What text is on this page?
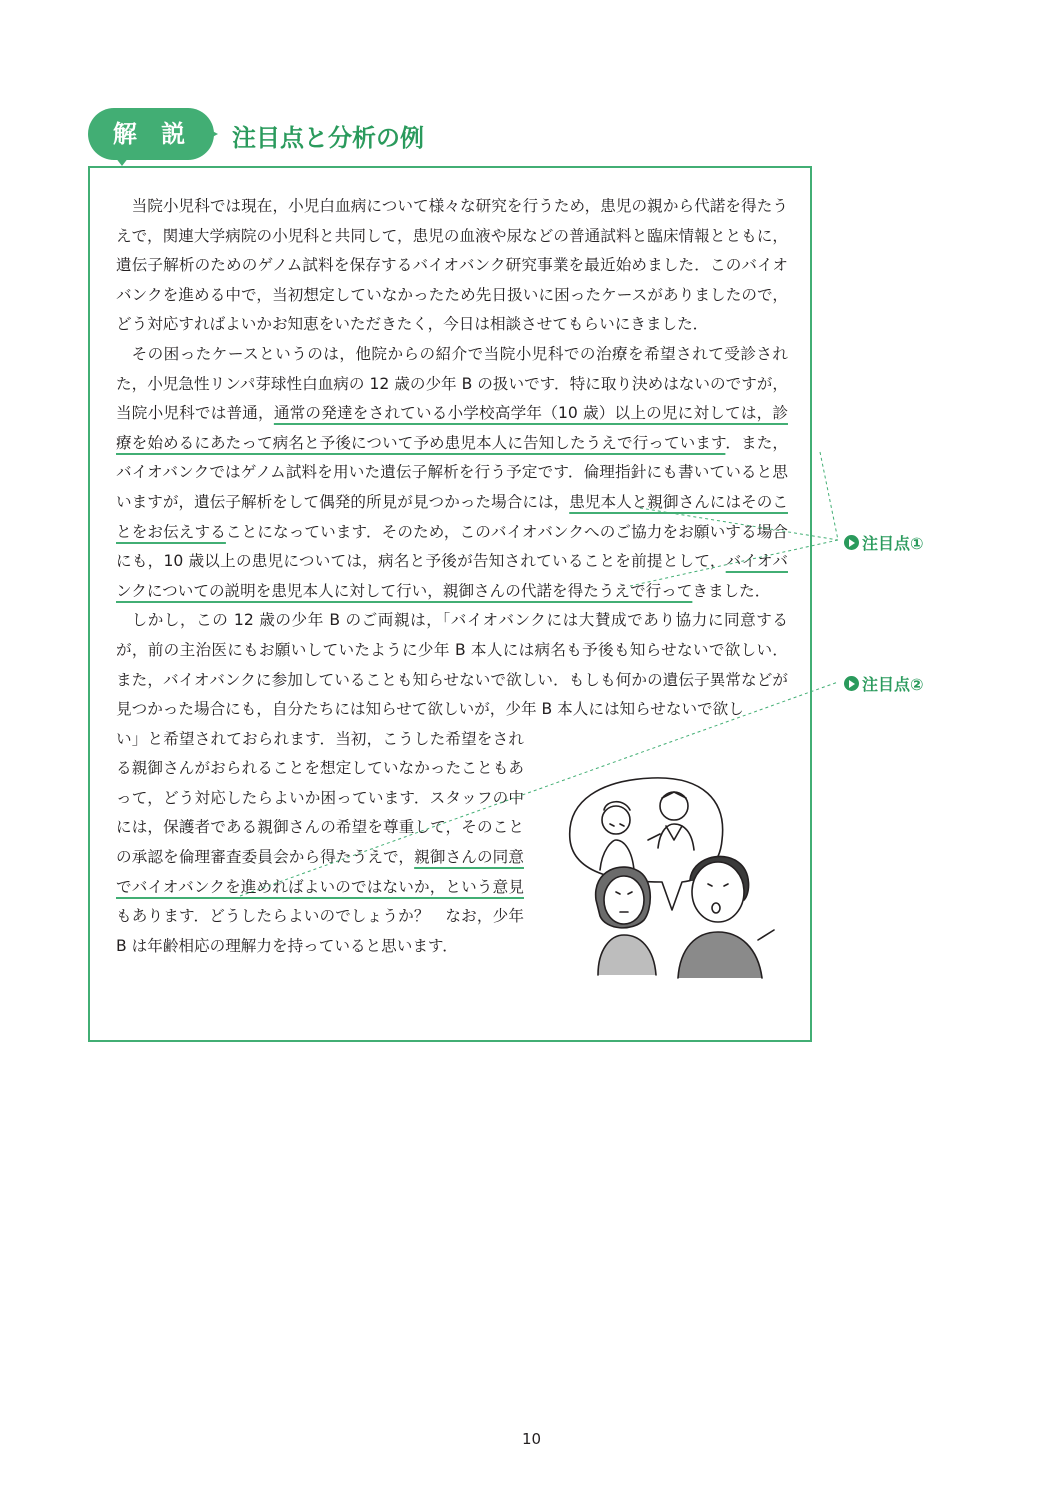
解 説	注目点と分析の例

当院小児科では現在，小児白血病について様々な研究を行うため，患児の親から代諾を得たうえで，関連大学病院の小児科と共同して，患児の血液や尿などの普通試料と臨床情報とともに，遺伝子解析のためのゲノム試料を保存するバイオバンク研究事業を最近始めました．このバイオバンクを進める中で，当初想定していなかったため先日扱いに困ったケースがありましたので，どう対応すればよいかお知恵をいただきたく，今日は相談させてもらいにきました．

その困ったケースというのは，他院からの紹介で当院小児科での治療を希望されて受診された，小児急性リンパ芽球性白血病の 12 歳の少年 B の扱いです．特に取り決めはないのですが，当院小児科では普通，通常の発達をされている小学校高学年（10 歳）以上の児に対しては，診療を始めるにあたって病名と予後について予め患児本人に告知したうえで行っています．また，バイオバンクではゲノム試料を用いた遺伝子解析を行う予定です．倫理指針にも書いていると思いますが，遺伝子解析をして偶発的所見が見つかった場合には，患児本人と親御さんにはそのことをお伝えすることになっています．そのため，このバイオバンクへのご協力をお願いする場合にも，10 歳以上の患児については，病名と予後が告知されていることを前提として，バイオバンクについての説明を患児本人に対して行い，親御さんの代諾を得たうえで行ってきました．

しかし，この 12 歳の少年 B のご両親は，「バイオバンクには大賛成であり協力に同意するが，前の主治医にもお願いしていたように少年 B 本人には病名も予後も知らせないで欲しい．また，バイオバンクに参加していることも知らせないで欲しい．もしも何かの遺伝子異常などが見つかった場合にも，自分たちには知らせて欲しいが，少年 B 本人には知らせないで欲し

い」と希望されておられます．当初，こうした希望をされる親御さんがおられることを想定していなかったこともあって，どう対応したらよいか困っています．スタッフの中には，保護者である親御さんの希望を尊重して，そのことの承認を倫理審査委員会から得たうえで，親御さんの同意でバイオバンクを進めればよいのではないか，という意見もあります．どうしたらよいのでしょうか？　なお，少年 B は年齢相応の理解力を持っていると思います．

注目点①
注目点②
10
